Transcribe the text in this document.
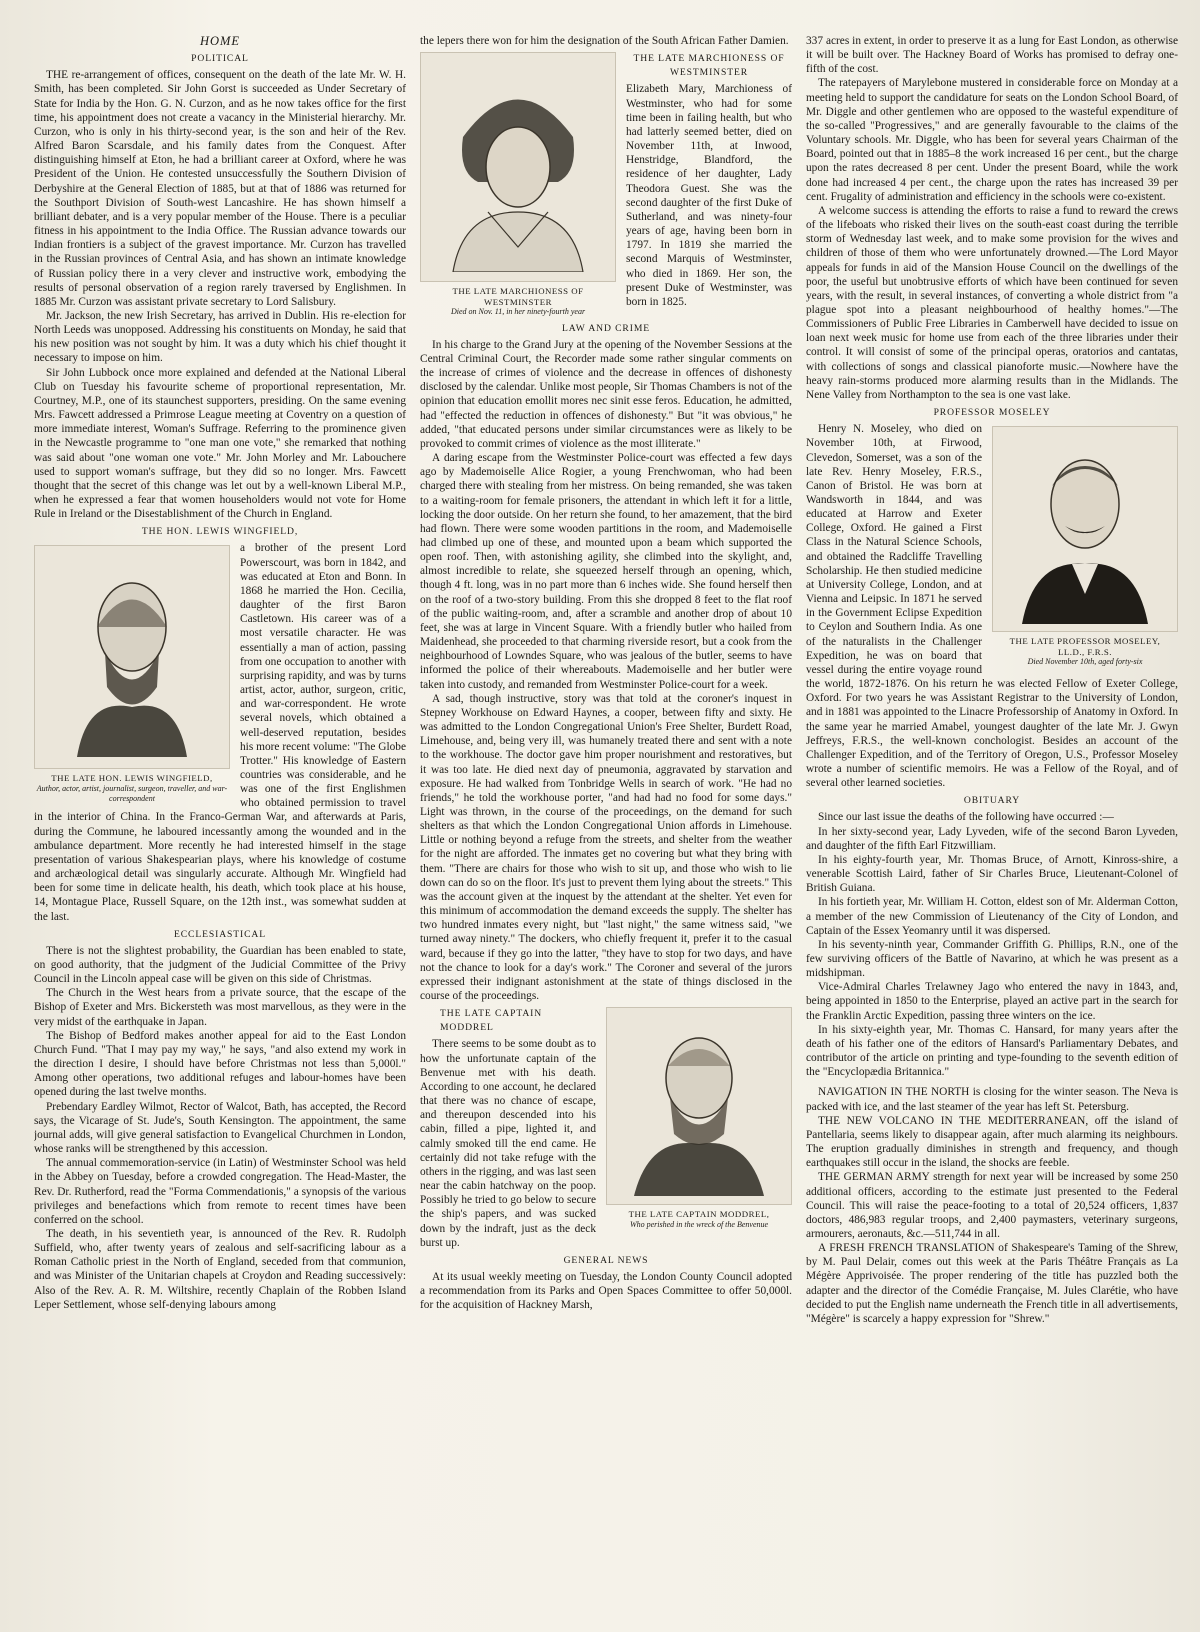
HOME
POLITICAL

THE re-arrangement of offices, consequent on the death of the late Mr. W. H. Smith, has been completed. Sir John Gorst is succeeded as Under Secretary of State for India by the Hon. G. N. Curzon, and as he now takes office for the first time, his appointment does not create a vacancy in the Ministerial hierarchy. Mr. Curzon, who is only in his thirty-second year, is the son and heir of the Rev. Alfred Baron Scarsdale, and his family dates from the Conquest. After distinguishing himself at Eton, he had a brilliant career at Oxford, where he was President of the Union. He contested unsuccessfully the Southern Division of Derbyshire at the General Election of 1885, but at that of 1886 was returned for the Southport Division of South-west Lancashire. He has shown himself a brilliant debater, and is a very popular member of the House. There is a peculiar fitness in his appointment to the India Office. The Russian advance towards our Indian frontiers is a subject of the gravest importance. Mr. Curzon has travelled in the Russian provinces of Central Asia, and has shown an intimate knowledge of Russian policy there in a very clever and instructive work, embodying the results of personal observation of a region rarely traversed by Englishmen. In 1885 Mr. Curzon was assistant private secretary to Lord Salisbury.

Mr. Jackson, the new Irish Secretary, has arrived in Dublin. His re-election for North Leeds was unopposed. Addressing his constituents on Monday, he said that his new position was not sought by him. It was a duty which his chief thought it necessary to impose on him.

Sir John Lubbock once more explained and defended at the National Liberal Club on Tuesday his favourite scheme of proportional representation, Mr. Courtney, M.P., one of its staunchest supporters, presiding. On the same evening Mrs. Fawcett addressed a Primrose League meeting at Coventry on a question of more immediate interest, Woman's Suffrage. Referring to the prominence given in the Newcastle programme to "one man one vote," she remarked that nothing was said about "one woman one vote." Mr. John Morley and Mr. Labouchere used to support woman's suffrage, but they did so no longer. Mrs. Fawcett thought that the secret of this change was let out by a well-known Liberal M.P., when he expressed a fear that women householders would not vote for Home Rule in Ireland or the Disestablishment of the Church in England.

THE HON. LEWIS WINGFIELD,
THE LATE HON. LEWIS WINGFIELD,
Author, actor, artist, journalist, surgeon, traveller, and war-correspondent

a brother of the present Lord Powerscourt, was born in 1842, and was educated at Eton and Bonn. In 1868 he married the Hon. Cecilia, daughter of the first Baron Castletown. His career was of a most versatile character. He was essentially a man of action, passing from one occupation to another with surprising rapidity, and was by turns artist, actor, author, surgeon, critic, and war-correspondent. He wrote several novels, which obtained a well-deserved reputation, besides his more recent volume: "The Globe Trotter." His knowledge of Eastern countries was considerable, and he was one of the first Englishmen who obtained permission to travel in the interior of China. In the Franco-German War, and afterwards at Paris, during the Commune, he laboured incessantly among the wounded and in the ambulance department. More recently he had interested himself in the stage presentation of various Shakespearian plays, where his knowledge of costume and archæological detail was singularly accurate. Although Mr. Wingfield had been for some time in delicate health, his death, which took place at his house, 14, Montague Place, Russell Square, on the 12th inst., was somewhat sudden at the last.

ECCLESIASTICAL

There is not the slightest probability, the Guardian has been enabled to state, on good authority, that the judgment of the Judicial Committee of the Privy Council in the Lincoln appeal case will be given on this side of Christmas.

The Church in the West hears from a private source, that the escape of the Bishop of Exeter and Mrs. Bickersteth was most marvellous, as they were in the very midst of the earthquake in Japan.

The Bishop of Bedford makes another appeal for aid to the East London Church Fund. "That I may pay my way," he says, "and also extend my work in the direction I desire, I should have before Christmas not less than 5,000l." Among other operations, two additional refuges and labour-homes have been opened during the last twelve months.

Prebendary Eardley Wilmot, Rector of Walcot, Bath, has accepted, the Record says, the Vicarage of St. Jude's, South Kensington. The appointment, the same journal adds, will give general satisfaction to Evangelical Churchmen in London, whose ranks will be strengthened by this accession.

The annual commemoration-service (in Latin) of Westminster School was held in the Abbey on Tuesday, before a crowded congregation. The Head-Master, the Rev. Dr. Rutherford, read the "Forma Commendationis," a synopsis of the various privileges and benefactions which from remote to recent times have been conferred on the school.

The death, in his seventieth year, is announced of the Rev. R. Rudolph Suffield, who, after twenty years of zealous and self-sacrificing labour as a Roman Catholic priest in the North of England, seceded from that communion, and was Minister of the Unitarian chapels at Croydon and Reading successively: Also of the Rev. A. R. M. Wiltshire, recently Chaplain of the Robben Island Leper Settlement, whose self-denying labours among

the lepers there won for him the designation of the South African Father Damien.

THE LATE MARCHIONESS OF WESTMINSTER
Died on Nov. 11, in her ninety-fourth year
THE LATE MARCHIONESS OF WESTMINSTER

Elizabeth Mary, Marchioness of Westminster, who had for some time been in failing health, but who had latterly seemed better, died on November 11th, at Inwood, Henstridge, Blandford, the residence of her daughter, Lady Theodora Guest. She was the second daughter of the first Duke of Sutherland, and was ninety-four years of age, having been born in 1797. In 1819 she married the second Marquis of Westminster, who died in 1869. Her son, the present Duke of Westminster, was born in 1825.

LAW AND CRIME

In his charge to the Grand Jury at the opening of the November Sessions at the Central Criminal Court, the Recorder made some rather singular comments on the increase of crimes of violence and the decrease in offences of dishonesty disclosed by the calendar. Unlike most people, Sir Thomas Chambers is not of the opinion that education emollit mores nec sinit esse feros. Education, he admitted, had "effected the reduction in offences of dishonesty." But "it was obvious," he added, "that educated persons under similar circumstances were as likely to be provoked to commit crimes of violence as the most illiterate."

A daring escape from the Westminster Police-court was effected a few days ago by Mademoiselle Alice Rogier, a young Frenchwoman, who had been charged there with stealing from her mistress. On being remanded, she was taken to a waiting-room for female prisoners, the attendant in which left it for a little, locking the door outside. On her return she found, to her amazement, that the bird had flown. There were some wooden partitions in the room, and Mademoiselle had climbed up one of these, and mounted upon a beam which supported the open roof. Then, with astonishing agility, she climbed into the skylight, and, almost incredible to relate, she squeezed herself through an opening, which, though 4 ft. long, was in no part more than 6 inches wide. She found herself then on the roof of a two-story building. From this she dropped 8 feet to the flat roof of the public waiting-room, and, after a scramble and another drop of about 10 feet, she was at large in Vincent Square. With a friendly butler who hailed from Maidenhead, she proceeded to that charming riverside resort, but a cook from the neighbourhood of Lowndes Square, who was jealous of the butler, seems to have informed the police of their whereabouts. Mademoiselle and her butler were taken into custody, and remanded from Westminster Police-court for a week.

A sad, though instructive, story was that told at the coroner's inquest in Stepney Workhouse on Edward Haynes, a cooper, between fifty and sixty. He was admitted to the London Congregational Union's Free Shelter, Burdett Road, Limehouse, and, being very ill, was humanely treated there and sent with a note to the workhouse. The doctor gave him proper nourishment and restoratives, but it was too late. He died next day of pneumonia, aggravated by starvation and exposure. He had walked from Tonbridge Wells in search of work. "He had no friends," he told the workhouse porter, "and had had no food for some days." Light was thrown, in the course of the proceedings, on the demand for such shelters as that which the London Congregational Union affords in Limehouse. Little or nothing beyond a refuge from the streets, and shelter from the weather for the night are afforded. The inmates get no covering but what they bring with them. "There are chairs for those who wish to sit up, and those who wish to lie down can do so on the floor. It's just to prevent them lying about the streets." This was the account given at the inquest by the attendant at the shelter. Yet even for this minimum of accommodation the demand exceeds the supply. The shelter has two hundred inmates every night, but "last night," the same witness said, "we turned away ninety." The dockers, who chiefly frequent it, prefer it to the casual ward, because if they go into the latter, "they have to stop for two days, and have not the chance to look for a day's work." The Coroner and several of the jurors expressed their indignant astonishment at the state of things disclosed in the course of the proceedings.

THE LATE CAPTAIN MODDREL,
Who perished in the wreck of the Benvenue
THE LATE CAPTAIN MODDREL

There seems to be some doubt as to how the unfortunate captain of the Benvenue met with his death. According to one account, he declared that there was no chance of escape, and thereupon descended into his cabin, filled a pipe, lighted it, and calmly smoked till the end came. He certainly did not take refuge with the others in the rigging, and was last seen near the cabin hatchway on the poop. Possibly he tried to go below to secure the ship's papers, and was sucked down by the indraft, just as the deck burst up.

GENERAL NEWS

At its usual weekly meeting on Tuesday, the London County Council adopted a recommendation from its Parks and Open Spaces Committee to offer 50,000l. for the acquisition of Hackney Marsh,

337 acres in extent, in order to preserve it as a lung for East London, as otherwise it will be built over. The Hackney Board of Works has promised to defray one-fifth of the cost.

The ratepayers of Marylebone mustered in considerable force on Monday at a meeting held to support the candidature for seats on the London School Board, of Mr. Diggle and other gentlemen who are opposed to the wasteful expenditure of the so-called "Progressives," and are generally favourable to the claims of the Voluntary schools. Mr. Diggle, who has been for several years Chairman of the Board, pointed out that in 1885–8 the work increased 16 per cent., but the charge upon the rates decreased 8 per cent. Under the present Board, while the work done had increased 4 per cent., the charge upon the rates has increased 39 per cent. Frugality of administration and efficiency in the schools were co-existent.

A welcome success is attending the efforts to raise a fund to reward the crews of the lifeboats who risked their lives on the south-east coast during the terrible storm of Wednesday last week, and to make some provision for the wives and children of those of them who were unfortunately drowned.—The Lord Mayor appeals for funds in aid of the Mansion House Council on the dwellings of the poor, the useful but unobtrusive efforts of which have been continued for seven years, with the result, in several instances, of converting a whole district from "a plague spot into a pleasant neighbourhood of healthy homes."—The Commissioners of Public Free Libraries in Camberwell have decided to issue on loan next week music for home use from each of the three libraries under their control. It will consist of some of the principal operas, oratorios and cantatas, with collections of songs and classical pianoforte music.—Nowhere have the heavy rain-storms produced more alarming results than in the Midlands. The Nene Valley from Northampton to the sea is one vast lake.

PROFESSOR MOSELEY
THE LATE PROFESSOR MOSELEY,
LL.D., F.R.S.
Died November 10th, aged forty-six

Henry N. Moseley, who died on November 10th, at Firwood, Clevedon, Somerset, was a son of the late Rev. Henry Moseley, F.R.S., Canon of Bristol. He was born at Wandsworth in 1844, and was educated at Harrow and Exeter College, Oxford. He gained a First Class in the Natural Science Schools, and obtained the Radcliffe Travelling Scholarship. He then studied medicine at University College, London, and at Vienna and Leipsic. In 1871 he served in the Government Eclipse Expedition to Ceylon and Southern India. As one of the naturalists in the Challenger Expedition, he was on board that vessel during the entire voyage round the world, 1872-1876. On his return he was elected Fellow of Exeter College, Oxford. For two years he was Assistant Registrar to the University of London, and in 1881 was appointed to the Linacre Professorship of Anatomy in Oxford. In the same year he married Amabel, youngest daughter of the late Mr. J. Gwyn Jeffreys, F.R.S., the well-known conchologist. Besides an account of the Challenger Expedition, and of the Territory of Oregon, U.S., Professor Moseley wrote a number of scientific memoirs. He was a Fellow of the Royal, and of several other learned societies.

OBITUARY

Since our last issue the deaths of the following have occurred :—

In her sixty-second year, Lady Lyveden, wife of the second Baron Lyveden, and daughter of the fifth Earl Fitzwilliam.

In his eighty-fourth year, Mr. Thomas Bruce, of Arnott, Kinross-shire, a venerable Scottish Laird, father of Sir Charles Bruce, Lieutenant-Colonel of British Guiana.

In his fortieth year, Mr. William H. Cotton, eldest son of Mr. Alderman Cotton, a member of the new Commission of Lieutenancy of the City of London, and Captain of the Essex Yeomanry until it was dispersed.

In his seventy-ninth year, Commander Griffith G. Phillips, R.N., one of the few surviving officers of the Battle of Navarino, at which he was present as a midshipman.

Vice-Admiral Charles Trelawney Jago who entered the navy in 1843, and, being appointed in 1850 to the Enterprise, played an active part in the search for the Franklin Arctic Expedition, passing three winters on the ice.

In his sixty-eighth year, Mr. Thomas C. Hansard, for many years after the death of his father one of the editors of Hansard's Parliamentary Debates, and contributor of the article on printing and type-founding to the seventh edition of the "Encyclopædia Britannica."

NAVIGATION IN THE NORTH is closing for the winter season. The Neva is packed with ice, and the last steamer of the year has left St. Petersburg.

THE NEW VOLCANO IN THE MEDITERRANEAN, off the island of Pantellaria, seems likely to disappear again, after much alarming its neighbours. The eruption gradually diminishes in strength and frequency, and though earthquakes still occur in the island, the shocks are feeble.

THE GERMAN ARMY strength for next year will be increased by some 250 additional officers, according to the estimate just presented to the Federal Council. This will raise the peace-footing to a total of 20,524 officers, 1,837 doctors, 486,983 regular troops, and 2,400 paymasters, veterinary surgeons, armourers, aeronauts, &c.—511,744 in all.

A FRESH FRENCH TRANSLATION of Shakespeare's Taming of the Shrew, by M. Paul Delair, comes out this week at the Paris Théâtre Français as La Mégère Apprivoisée. The proper rendering of the title has puzzled both the adapter and the director of the Comédie Française, M. Jules Clarétie, who have decided to put the English name underneath the French title in all advertisements, "Mégère" is scarcely a happy expression for "Shrew."
